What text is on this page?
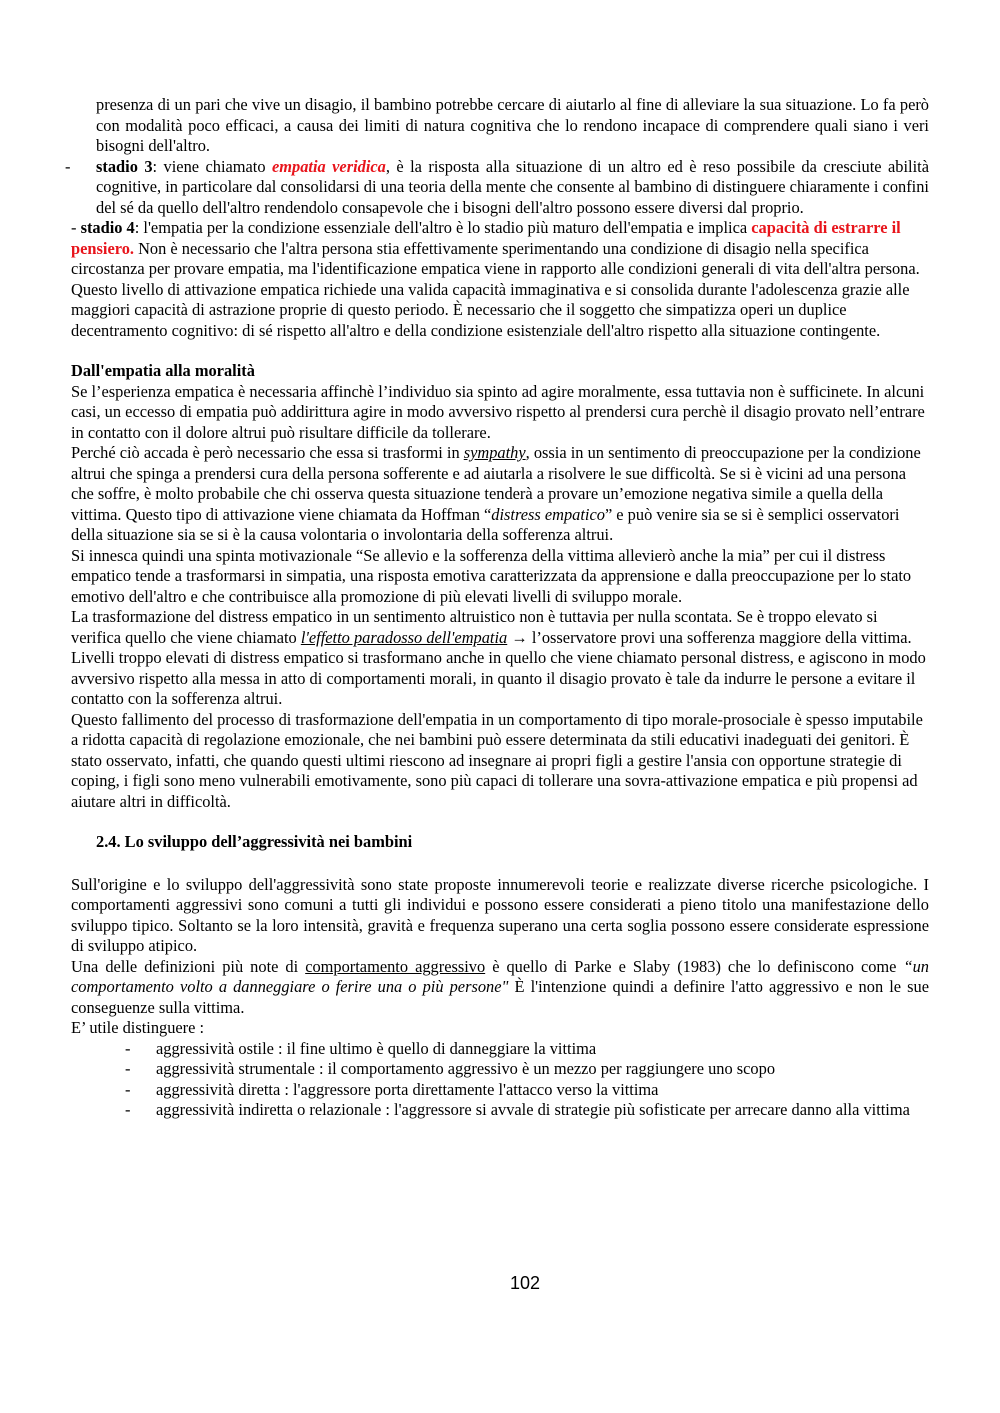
presenza di un pari che vive un disagio, il bambino potrebbe cercare di aiutarlo al fine di alleviare la sua situazione. Lo fa però con modalità poco efficaci, a causa dei limiti di natura cognitiva che lo rendono incapace di comprendere quali siano i veri bisogni dell'altro.

- stadio 3: viene chiamato empatia veridica, è la risposta alla situazione di un altro ed è reso possibile da cresciute abilità cognitive, in particolare dal consolidarsi di una teoria della mente che consente al bambino di distinguere chiaramente i confini del sé da quello dell'altro rendendolo consapevole che i bisogni dell'altro possono essere diversi dal proprio.

- stadio 4: l'empatia per la condizione essenziale dell'altro è lo stadio più maturo dell'empatia e implica capacità di estrarre il pensiero. Non è necessario che l'altra persona stia effettivamente sperimentando una condizione di disagio nella specifica circostanza per provare empatia, ma l'identificazione empatica viene in rapporto alle condizioni generali di vita dell'altra persona. Questo livello di attivazione empatica richiede una valida capacità immaginativa e si consolida durante l'adolescenza grazie alle maggiori capacità di astrazione proprie di questo periodo. È necessario che il soggetto che simpatizza operi un duplice decentramento cognitivo: di sé rispetto all'altro e della condizione esistenziale dell'altro rispetto alla situazione contingente.

Dall'empatia alla moralità

Se l’esperienza empatica è necessaria affinchè l’individuo sia spinto ad agire moralmente, essa tuttavia non è sufficinete. In alcuni casi, un eccesso di empatia può addirittura agire in modo avversivo rispetto al prendersi cura perchè il disagio provato nell’entrare in contatto con il dolore altrui può risultare difficile da tollerare.

Perché ciò accada è però necessario che essa si trasformi in sympathy, ossia in un sentimento di preoccupazione per la condizione altrui che spinga a prendersi cura della persona sofferente e ad aiutarla a risolvere le sue difficoltà. Se si è vicini ad una persona che soffre, è molto probabile che chi osserva questa situazione tenderà a provare un’emozione negativa simile a quella della vittima. Questo tipo di attivazione viene chiamata da Hoffman “distress empatico” e può venire sia se si è semplici osservatori della situazione sia se si è la causa volontaria o involontaria della sofferenza altrui.

Si innesca quindi una spinta motivazionale “Se allevio e la sofferenza della vittima allevierò anche la mia” per cui il distress empatico tende a trasformarsi in simpatia, una risposta emotiva caratterizzata da apprensione e dalla preoccupazione per lo stato emotivo dell'altro e che contribuisce alla promozione di più elevati livelli di sviluppo morale.

La trasformazione del distress empatico in un sentimento altruistico non è tuttavia per nulla scontata. Se è troppo elevato si verifica quello che viene chiamato l'effetto paradosso dell'empatia → l’osservatore provi una sofferenza maggiore della vittima.

Livelli troppo elevati di distress empatico si trasformano anche in quello che viene chiamato personal distress, e agiscono in modo avversivo rispetto alla messa in atto di comportamenti morali, in quanto il disagio provato è tale da indurre le persone a evitare il contatto con la sofferenza altrui.

Questo fallimento del processo di trasformazione dell'empatia in un comportamento di tipo morale-prosociale è spesso imputabile a ridotta capacità di regolazione emozionale, che nei bambini può essere determinata da stili educativi inadeguati dei genitori. È stato osservato, infatti, che quando questi ultimi riescono ad insegnare ai propri figli a gestire l'ansia con opportune strategie di coping, i figli sono meno vulnerabili emotivamente, sono più capaci di tollerare una sovra-attivazione empatica e più propensi ad aiutare altri in difficoltà.

2.4. Lo sviluppo dell’aggressività nei bambini

Sull'origine e lo sviluppo dell'aggressività sono state proposte innumerevoli teorie e realizzate diverse ricerche psicologiche. I comportamenti aggressivi sono comuni a tutti gli individui e possono essere considerati a pieno titolo una manifestazione dello sviluppo tipico. Soltanto se la loro intensità, gravità e frequenza superano una certa soglia possono essere considerate espressione di sviluppo atipico.

Una delle definizioni più note di comportamento aggressivo è quello di Parke e Slaby (1983) che lo definiscono come “un comportamento volto a danneggiare o ferire una o più persone" È l'intenzione quindi a definire l'atto aggressivo e non le sue conseguenze sulla vittima.

E’ utile distinguere :

- aggressività ostile : il fine ultimo è quello di danneggiare la vittima
- aggressività strumentale : il comportamento aggressivo è un mezzo per raggiungere uno scopo
- aggressività diretta : l'aggressore porta direttamente l'attacco verso la vittima
- aggressività indiretta o relazionale : l'aggressore si avvale di strategie più sofisticate per arrecare danno alla vittima
102
